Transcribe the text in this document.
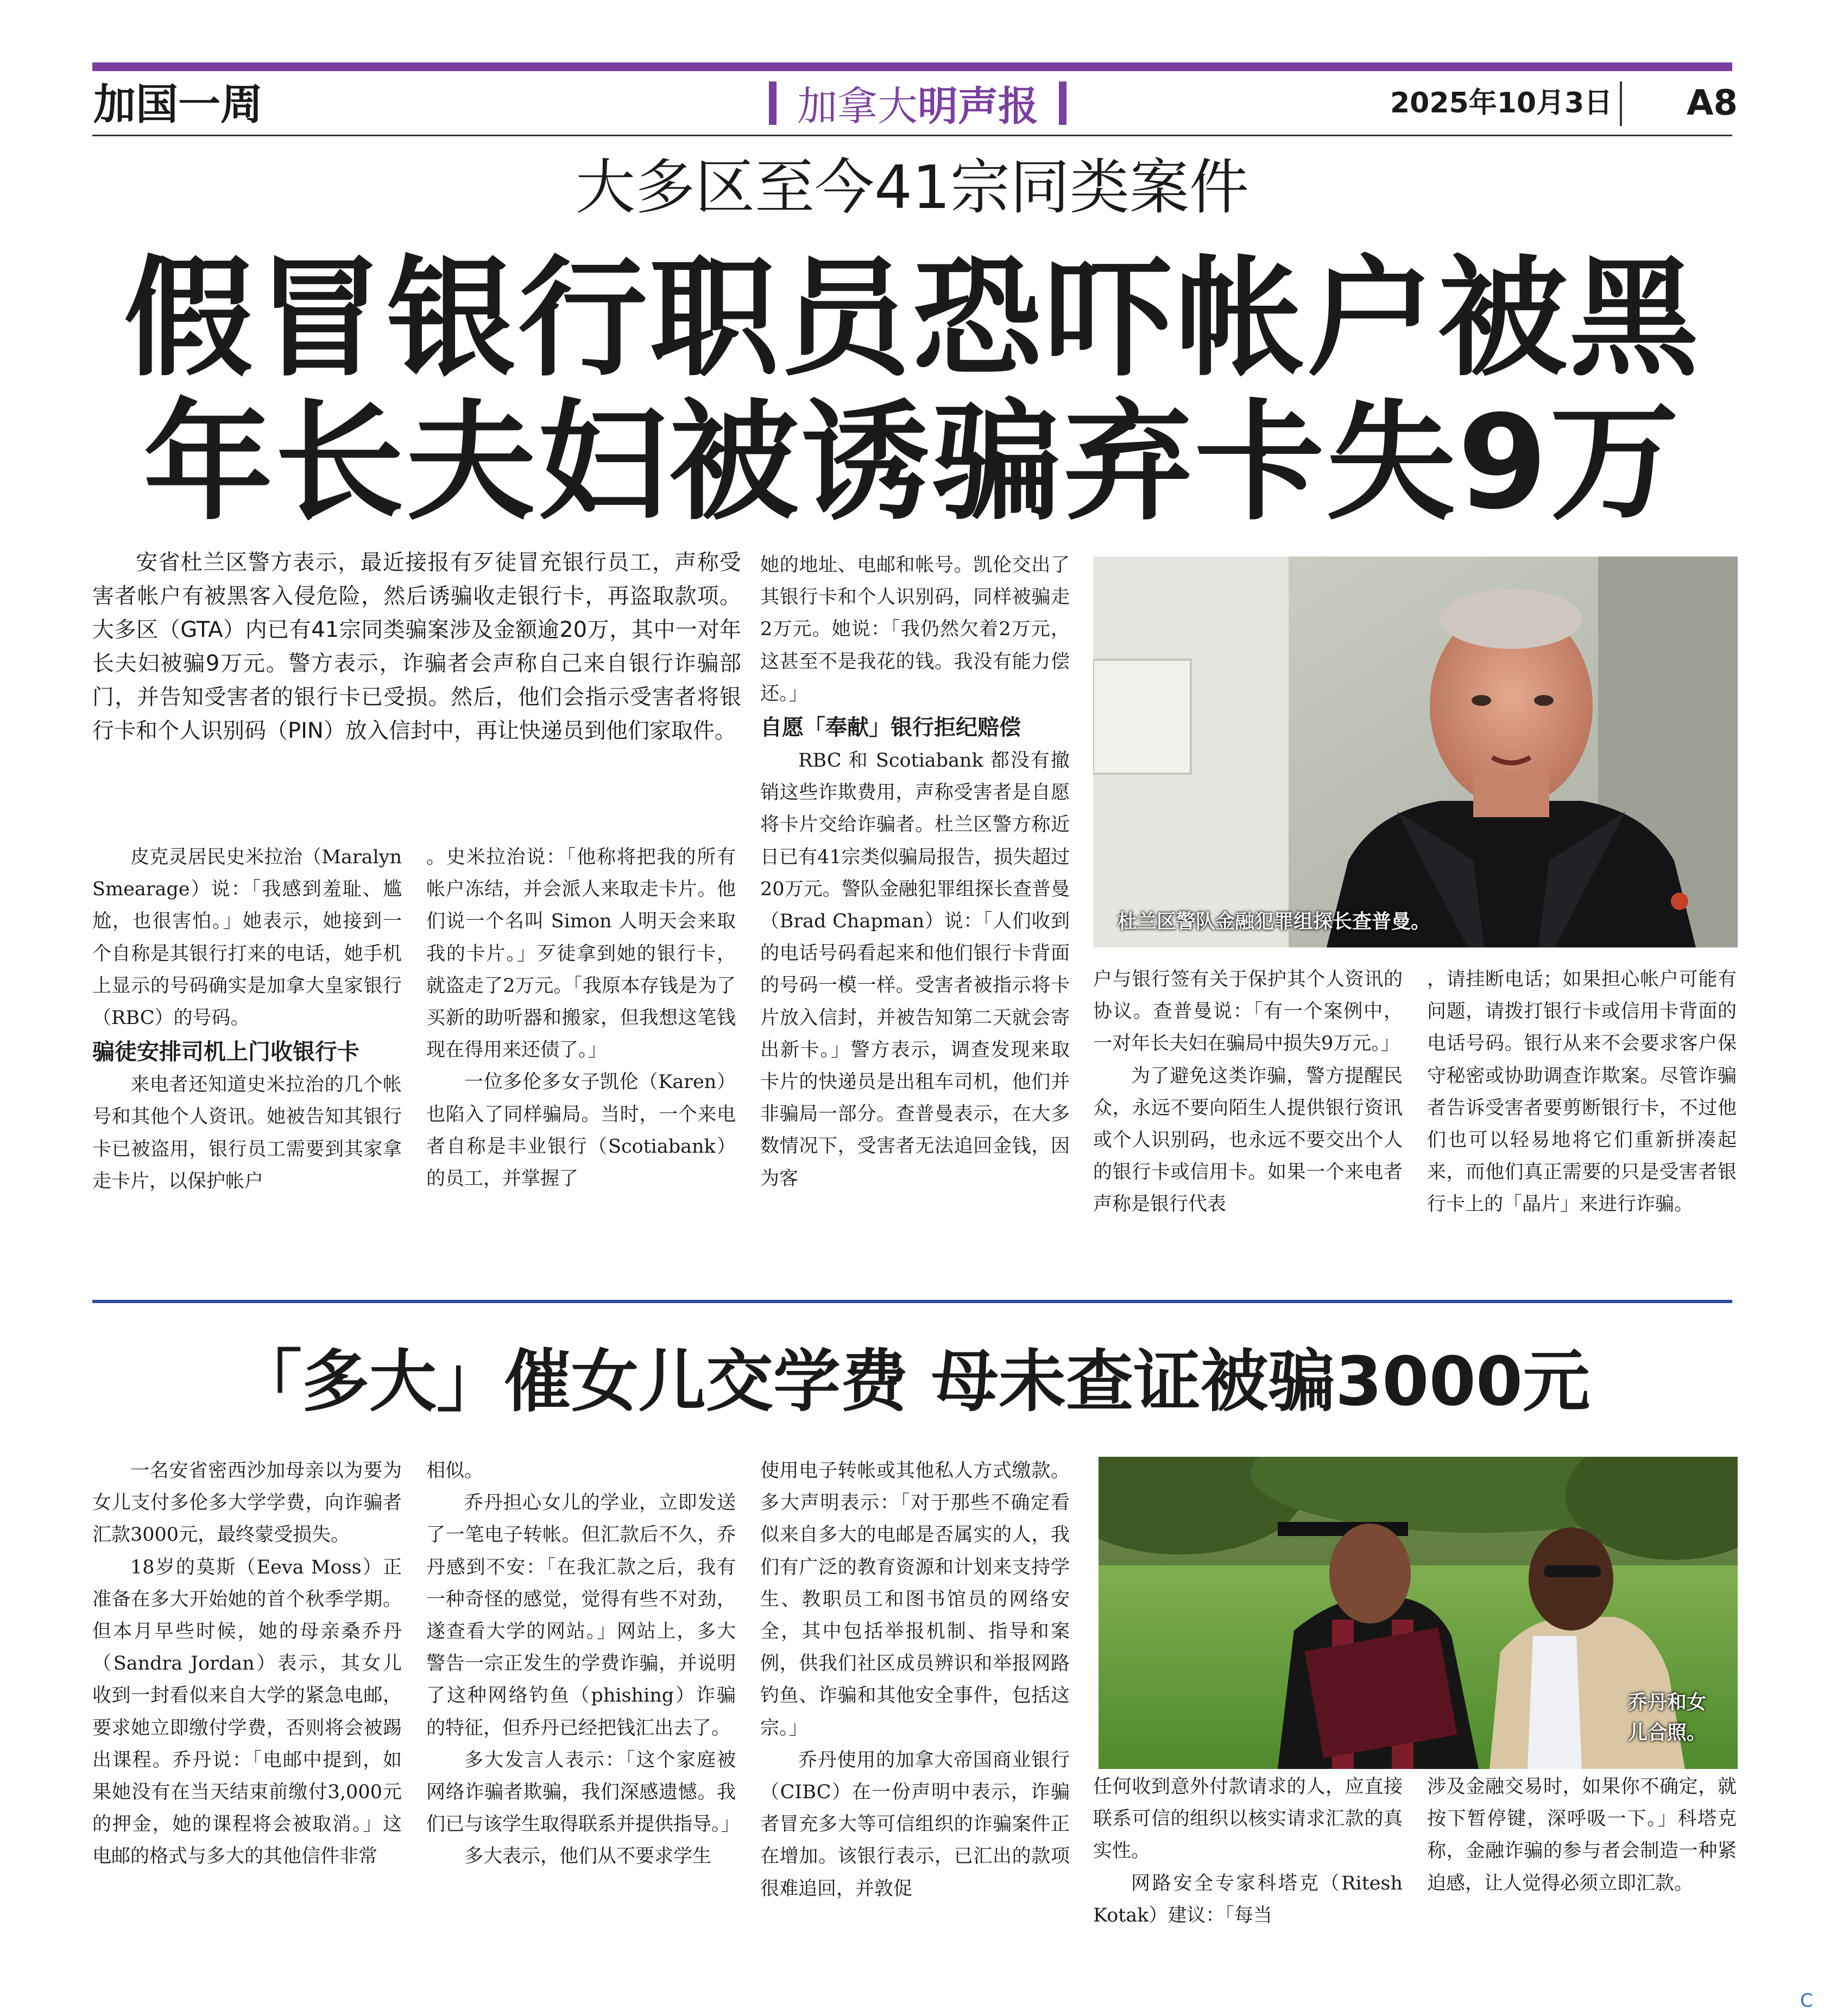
加国一周	加拿大明声报	2025年10月3日 A8
大多区至今41宗同类案件
假冒银行职员恐吓帐户被黑
年长夫妇被诱骗弃卡失9万

安省杜兰区警方表示，最近接报有歹徒冒充银行员工，声称受害者帐户有被黑客入侵危险，然后诱骗收走银行卡，再盗取款项。大多区（GTA）内已有41宗同类骗案涉及金额逾20万，其中一对年长夫妇被骗9万元。警方表示，诈骗者会声称自己来自银行诈骗部门，并告知受害者的银行卡已受损。然后，他们会指示受害者将银行卡和个人识别码（PIN）放入信封中，再让快递员到他们家取件。

皮克灵居民史米拉治（Maralyn Smearage）说：「我感到羞耻、尴尬，也很害怕。」她表示，她接到一个自称是其银行打来的电话，她手机上显示的号码确实是加拿大皇家银行（RBC）的号码。

骗徒安排司机上门收银行卡

来电者还知道史米拉治的几个帐号和其他个人资讯。她被告知其银行卡已被盗用，银行员工需要到其家拿走卡片，以保护帐户

。史米拉治说：「他称将把我的所有帐户冻结，并会派人来取走卡片。他们说一个名叫 Simon 人明天会来取我的卡片。」歹徒拿到她的银行卡，就盗走了2万元。「我原本存钱是为了买新的助听器和搬家，但我想这笔钱现在得用来还债了。」

一位多伦多女子凯伦（Karen）也陷入了同样骗局。当时，一个来电者自称是丰业银行（Scotiabank）的员工，并掌握了

她的地址、电邮和帐号。凯伦交出了其银行卡和个人识别码，同样被骗走2万元。她说：「我仍然欠着2万元，这甚至不是我花的钱。我没有能力偿还。」

自愿「奉献」银行拒纪赔偿

RBC 和 Scotiabank 都没有撤销这些诈欺费用，声称受害者是自愿将卡片交给诈骗者。杜兰区警方称近日已有41宗类似骗局报告，损失超过20万元。警队金融犯罪组探长查普曼（Brad Chapman）说：「人们收到的电话号码看起来和他们银行卡背面的号码一模一样。受害者被指示将卡片放入信封，并被告知第二天就会寄出新卡。」警方表示，调查发现来取卡片的快递员是出租车司机，他们并非骗局一部分。查普曼表示，在大多数情况下，受害者无法追回金钱，因为客

杜兰区警队金融犯罪组探长查普曼。

户与银行签有关于保护其个人资讯的协议。查普曼说：「有一个案例中，一对年长夫妇在骗局中损失9万元。」

为了避免这类诈骗，警方提醒民众，永远不要向陌生人提供银行资讯或个人识别码，也永远不要交出个人的银行卡或信用卡。如果一个来电者声称是银行代表

，请挂断电话；如果担心帐户可能有问题，请拨打银行卡或信用卡背面的电话号码。银行从来不会要求客户保守秘密或协助调查诈欺案。尽管诈骗者告诉受害者要剪断银行卡，不过他们也可以轻易地将它们重新拼凑起来，而他们真正需要的只是受害者银行卡上的「晶片」来进行诈骗。

「多大」催女儿交学费 母未查证被骗3000元

一名安省密西沙加母亲以为要为女儿支付多伦多大学学费，向诈骗者汇款3000元，最终蒙受损失。

18岁的莫斯（Eeva Moss）正准备在多大开始她的首个秋季学期。但本月早些时候，她的母亲桑乔丹（Sandra Jordan）表示，其女儿收到一封看似来自大学的紧急电邮，要求她立即缴付学费，否则将会被踢出课程。乔丹说：「电邮中提到，如果她没有在当天结束前缴付3,000元的押金，她的课程将会被取消。」这电邮的格式与多大的其他信件非常

相似。

乔丹担心女儿的学业，立即发送了一笔电子转帐。但汇款后不久，乔丹感到不安：「在我汇款之后，我有一种奇怪的感觉，觉得有些不对劲，遂查看大学的网站。」网站上，多大警告一宗正发生的学费诈骗，并说明了这种网络钓鱼（phishing）诈骗的特征，但乔丹已经把钱汇出去了。

多大发言人表示：「这个家庭被网络诈骗者欺骗，我们深感遗憾。我们已与该学生取得联系并提供指导。」

多大表示，他们从不要求学生

使用电子转帐或其他私人方式缴款。多大声明表示：「对于那些不确定看似来自多大的电邮是否属实的人，我们有广泛的教育资源和计划来支持学生、教职员工和图书馆员的网络安全，其中包括举报机制、指导和案例，供我们社区成员辨识和举报网路钓鱼、诈骗和其他安全事件，包括这宗。」

乔丹使用的加拿大帝国商业银行（CIBC）在一份声明中表示，诈骗者冒充多大等可信组织的诈骗案件正在增加。该银行表示，已汇出的款项很难追回，并敦促

乔丹和女
儿合照。

任何收到意外付款请求的人，应直接联系可信的组织以核实请求汇款的真实性。

网路安全专家科塔克（Ritesh Kotak）建议：「每当

涉及金融交易时，如果你不确定，就按下暂停键，深呼吸一下。」科塔克称，金融诈骗的参与者会制造一种紧迫感，让人觉得必须立即汇款。

C
